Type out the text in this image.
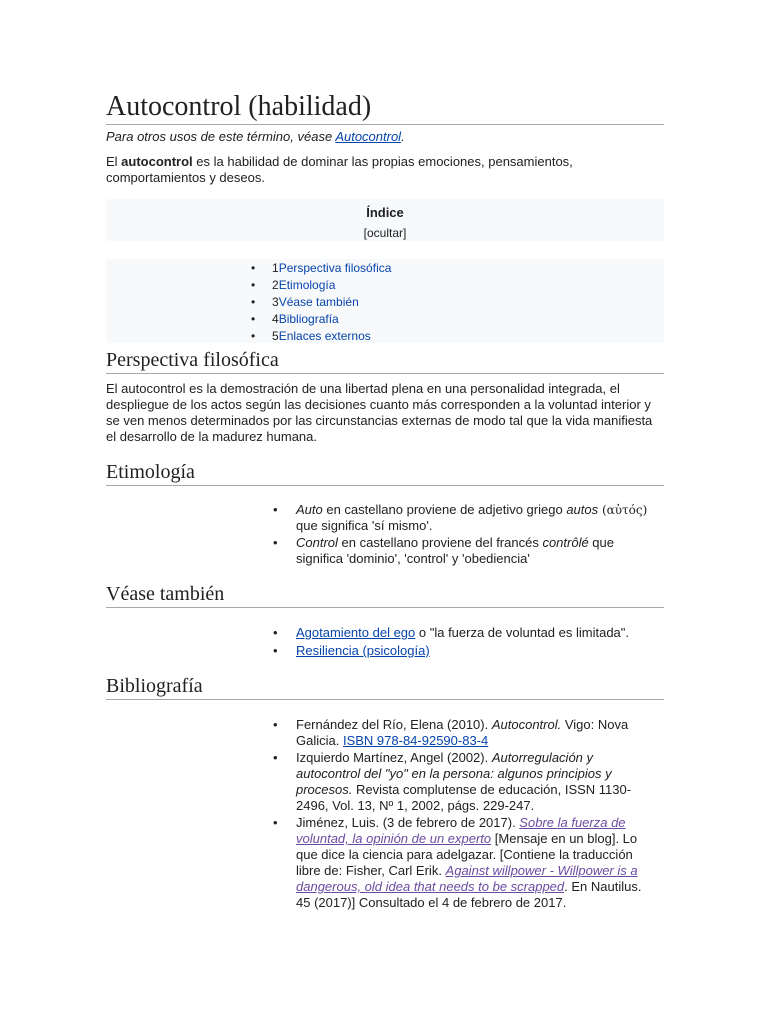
Autocontrol (habilidad)
Para otros usos de este término, véase Autocontrol.
El autocontrol es la habilidad de dominar las propias emociones, pensamientos, comportamientos y deseos.
Índice
[ocultar]
• 1Perspectiva filosófica
• 2Etimología
• 3Véase también
• 4Bibliografía
• 5Enlaces externos
Perspectiva filosófica
El autocontrol es la demostración de una libertad plena en una personalidad integrada, el despliegue de los actos según las decisiones cuanto más corresponden a la voluntad interior y se ven menos determinados por las circunstancias externas de modo tal que la vida manifiesta el desarrollo de la madurez humana.
Etimología
• Auto en castellano proviene de adjetivo griego autos (αὐτός) que significa 'sí mismo'.
• Control en castellano proviene del francés contrôlé que significa 'dominio', 'control' y 'obediencia'
Véase también
• Agotamiento del ego o "la fuerza de voluntad es limitada".
• Resiliencia (psicología)
Bibliografía
• Fernández del Río, Elena (2010). Autocontrol. Vigo: Nova Galicia. ISBN 978-84-92590-83-4
• Izquierdo Martínez, Angel (2002). Autorregulación y autocontrol del "yo" en la persona: algunos principios y procesos. Revista complutense de educación, ISSN 1130-2496, Vol. 13, Nº 1, 2002, págs. 229-247.
• Jiménez, Luis. (3 de febrero de 2017). Sobre la fuerza de voluntad, la opinión de un experto [Mensaje en un blog]. Lo que dice la ciencia para adelgazar. [Contiene la traducción libre de: Fisher, Carl Erik. Against willpower - Willpower is a dangerous, old idea that needs to be scrapped. En Nautilus. 45 (2017)] Consultado el 4 de febrero de 2017.
